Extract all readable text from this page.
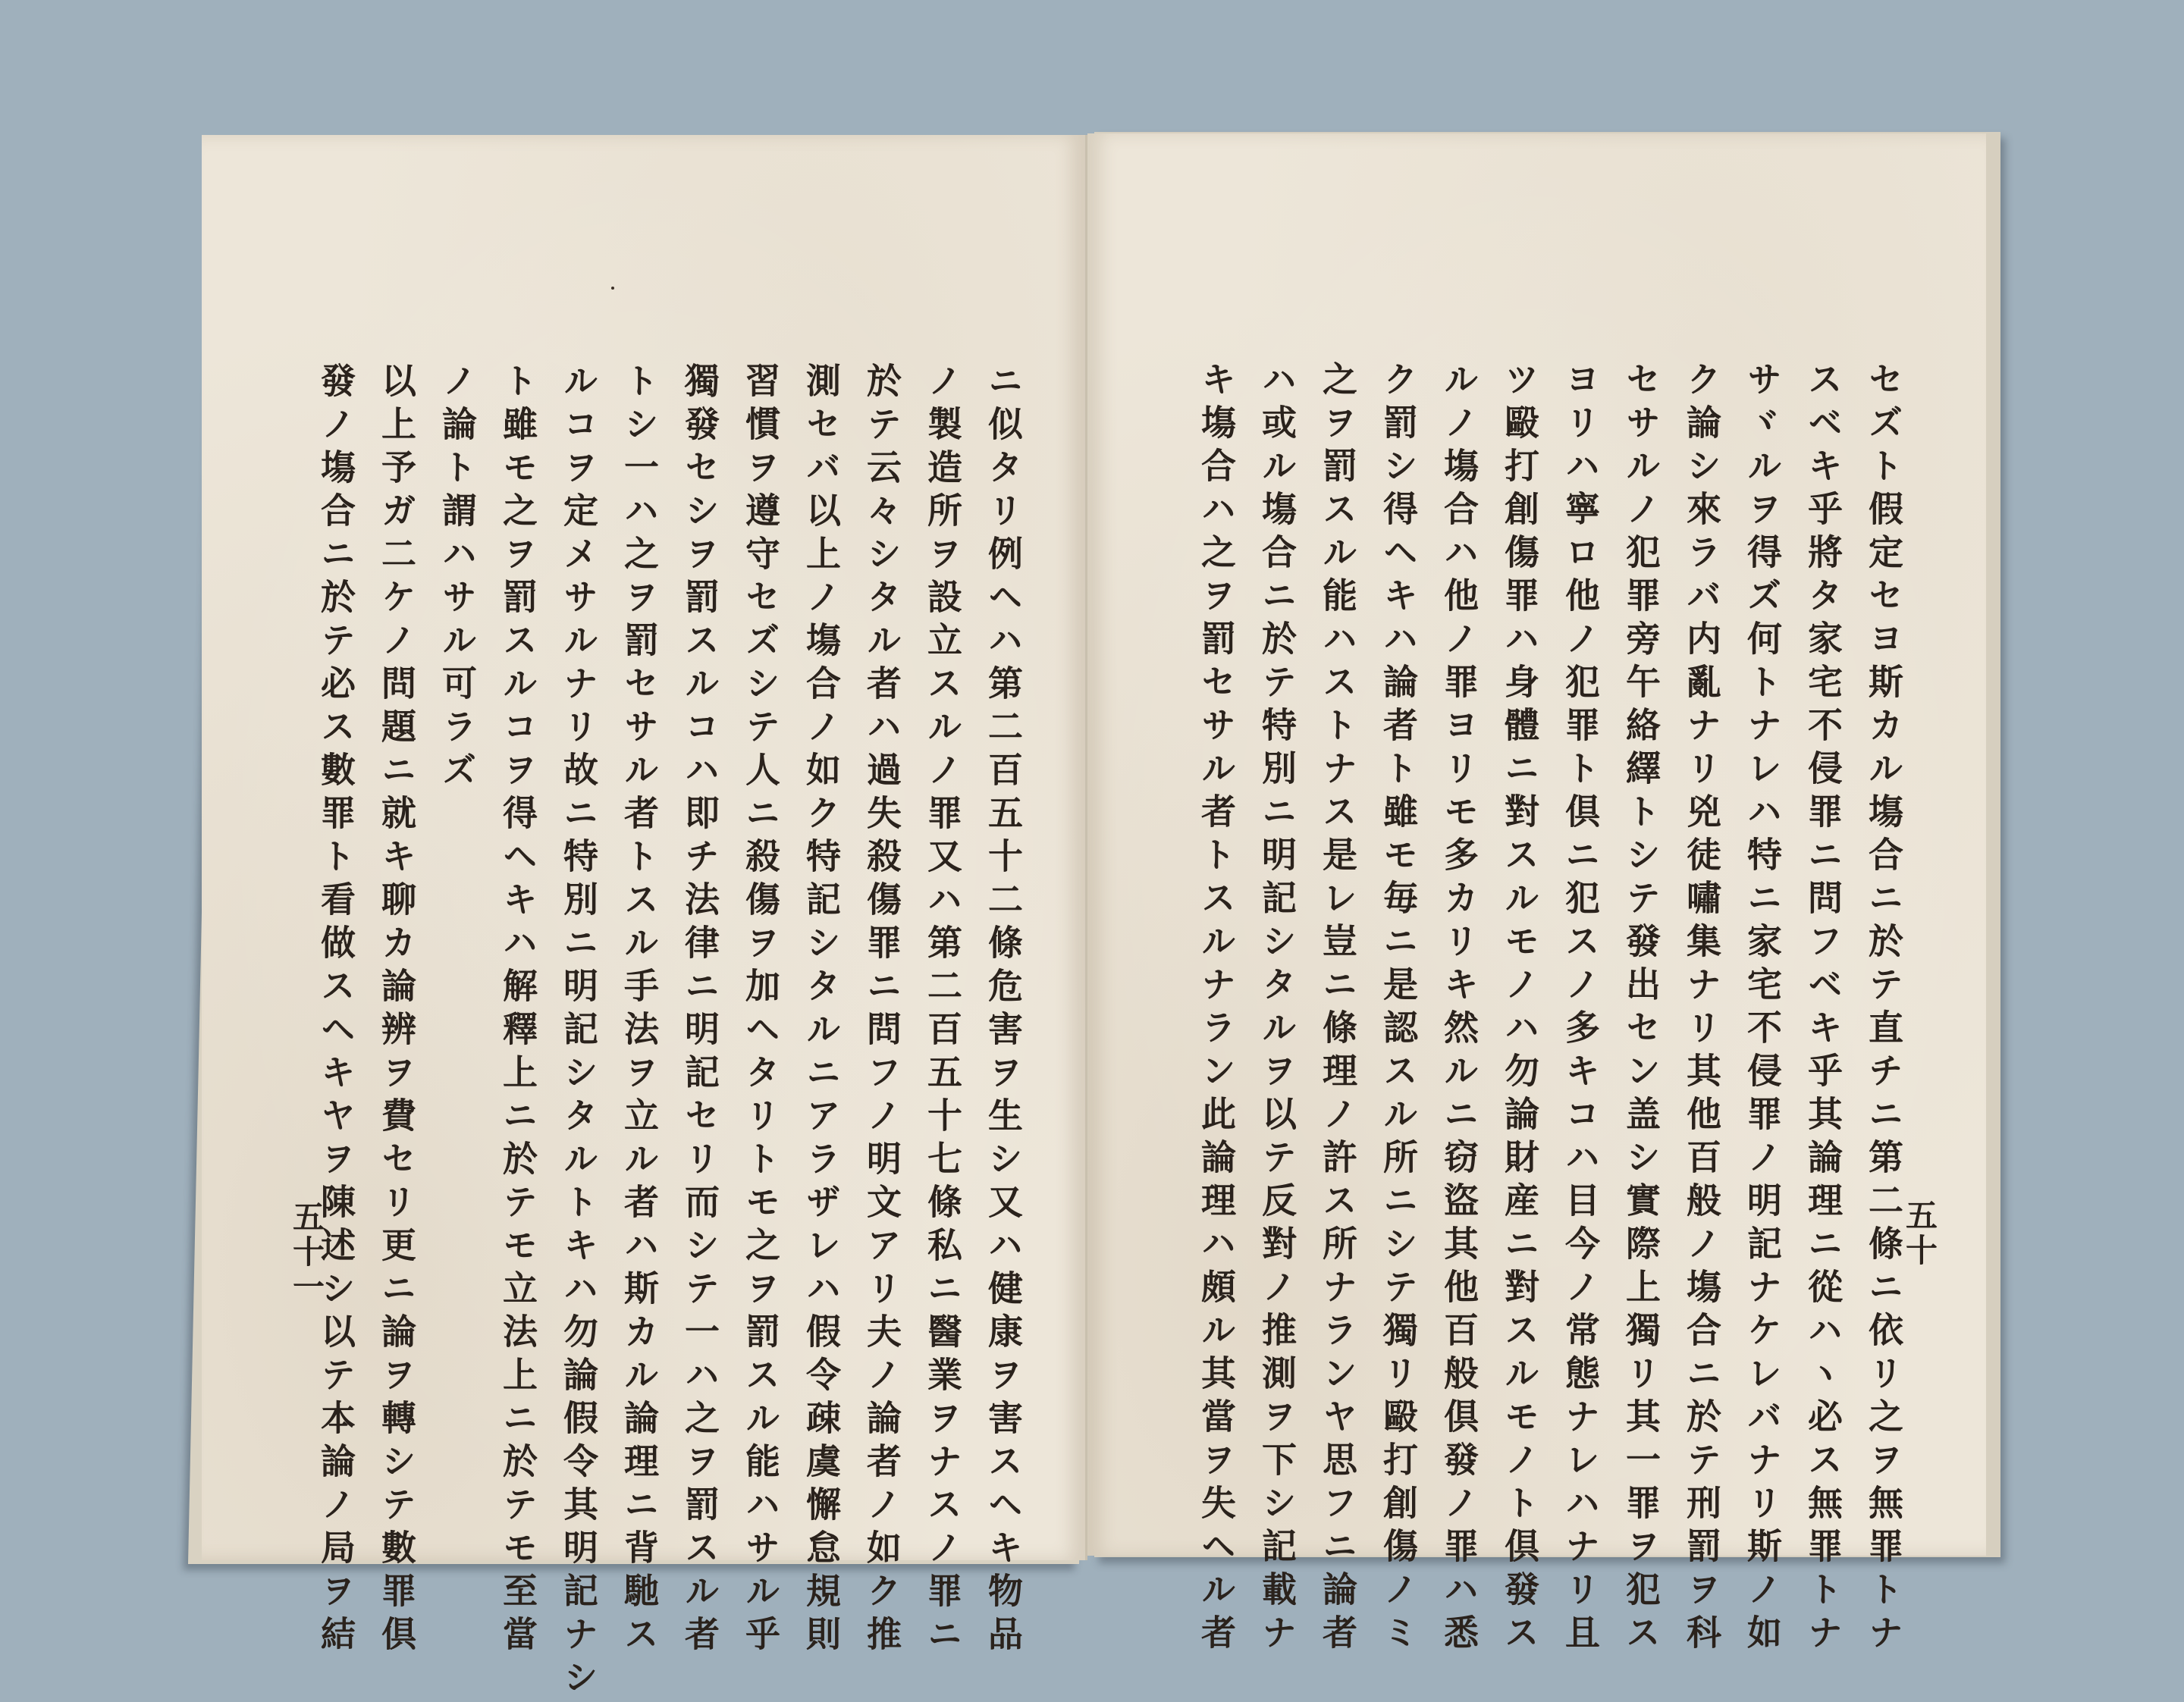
ニ似タリ例ヘハ第二百五十二條危害ヲ生シ又ハ健康ヲ害スヘキ物品
ノ製造所ヲ設立スルノ罪又ハ第二百五十七條私ニ醫業ヲナスノ罪ニ
於テ云々シタル者ハ過失殺傷罪ニ問フノ明文アリ夫ノ論者ノ如ク推
測セバ以上ノ塲合ノ如ク特記シタルニアラザレハ假令疎虞懈怠規則
習慣ヲ遵守セズシテ人ニ殺傷ヲ加ヘタリトモ之ヲ罰スル能ハサル乎
獨發セシヲ罰スルコハ即チ法律ニ明記セリ而シテ一ハ之ヲ罰スル者
トシ一ハ之ヲ罰セサル者トスル手法ヲ立ル者ハ斯カル論理ニ背馳ス
ルコヲ定メサルナリ故ニ特別ニ明記シタルトキハ勿論假令其明記ナシ
ト雖モ之ヲ罰スルコヲ得ヘキハ解釋上ニ於テモ立法上ニ於テモ至當
ノ論ト謂ハサル可ラズ
以上予ガ二ケノ問題ニ就キ聊カ論辨ヲ費セリ更ニ論ヲ轉シテ數罪倶
發ノ塲合ニ於テ必ス數罪ト看做スヘキヤヲ陳述シ以テ本論ノ局ヲ結
五十一	セズト假定セヨ斯カル塲合ニ於テ直チニ第二條ニ依リ之ヲ無罪トナ
スベキ乎將タ家宅不侵罪ニ問フベキ乎其論理ニ從ハヽ必ス無罪トナ
サヾルヲ得ズ何トナレハ特ニ家宅不侵罪ノ明記ナケレバナリ斯ノ如
ク論シ來ラバ内亂ナリ兇徒嘯集ナリ其他百般ノ塲合ニ於テ刑罰ヲ科
セサルノ犯罪旁午絡繹トシテ發出セン盖シ實際上獨リ其一罪ヲ犯ス
ヨリハ寧ロ他ノ犯罪ト倶ニ犯スノ多キコハ目今ノ常態ナレハナリ且
ツ毆打創傷罪ハ身體ニ對スルモノハ勿論財産ニ對スルモノト倶發ス
ルノ塲合ハ他ノ罪ヨリモ多カリキ然ルニ窃盜其他百般倶發ノ罪ハ悉
ク罰シ得ヘキハ論者ト雖モ毎ニ是認スル所ニシテ獨リ毆打創傷ノミ
之ヲ罰スル能ハストナス是レ豈ニ條理ノ許ス所ナランヤ思フニ論者
ハ或ル塲合ニ於テ特別ニ明記シタルヲ以テ反對ノ推測ヲ下シ記載ナ
キ塲合ハ之ヲ罰セサル者トスルナラン此論理ハ頗ル其當ヲ失ヘル者	五十
